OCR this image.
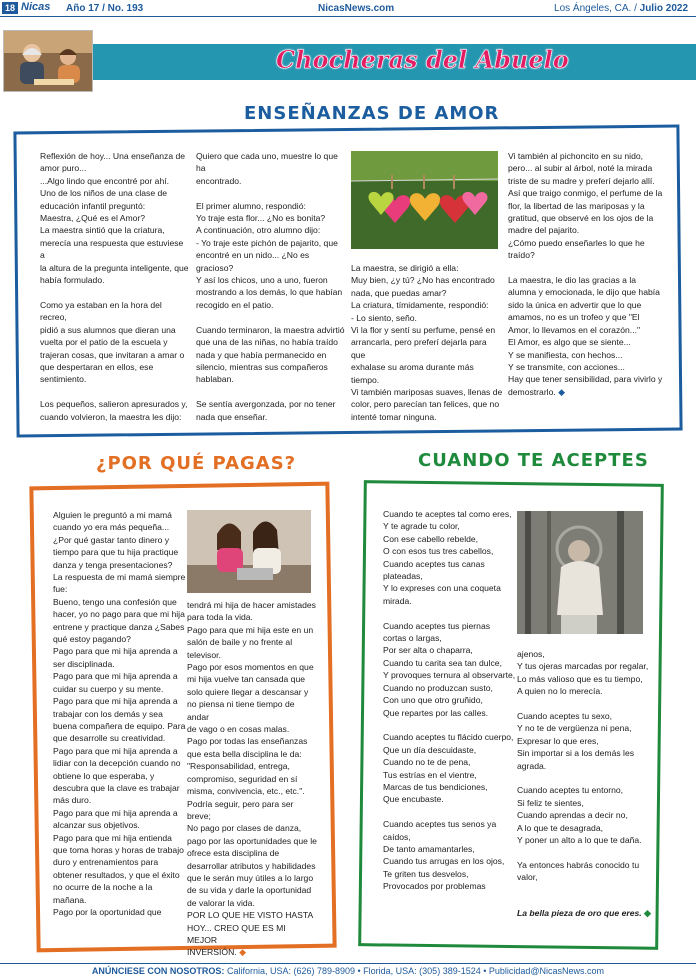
18 Nicas Año 17 / No. 193	NicasNews.com	Los Ángeles, CA. / Julio 2022
Chocheras del Abuelo
ENSEÑANZAS DE AMOR
Reflexión de hoy... Una enseñanza de
amor puro...
...Algo lindo que encontré por ahí.
Uno de los niños de una clase de
educación infantil preguntó:
Maestra, ¿Qué es el Amor?
La maestra sintió que la criatura,
merecía una respuesta que estuviese a
la altura de la pregunta inteligente, que
había formulado.

Como ya estaban en la hora del recreo,
pidió a sus alumnos que dieran una
vuelta por el patio de la escuela y
trajeran cosas, que invitaran a amar o
que despertaran en ellos, ese
sentimiento.

Los pequeños, salieron apresurados y,
cuando volvieron, la maestra les dijo:
Quiero que cada uno, muestre lo que ha
encontrado.

El primer alumno, respondió:
Yo traje esta flor... ¿No es bonita?
A continuación, otro alumno dijo:
- Yo traje este pichón de pajarito, que
encontré en un nido... ¿No es gracioso?
Y así los chicos, uno a uno, fueron
mostrando a los demás, lo que habían
recogido en el patio.

Cuando terminaron, la maestra advirtió
que una de las niñas, no había traído
nada y que había permanecido en
silencio, mientras sus compañeros
hablaban.

Se sentía avergonzada, por no tener
nada que enseñar.
La maestra, se dirigió a ella:
Muy bien, ¿y tú? ¿No has encontrado
nada, que puedas amar?
La criatura, tímidamente, respondió:
- Lo siento, seño.
Vi la flor y sentí su perfume, pensé en
arrancarla, pero preferí dejarla para que
exhalase su aroma durante más tiempo.
Vi también mariposas suaves, llenas de
color, pero parecían tan felices, que no
intenté tomar ninguna.
Vi también al pichoncito en su nido,
pero... al subir al árbol, noté la mirada
triste de su madre y preferí dejarlo allí.
Así que traigo conmigo, el perfume de la
flor, la libertad de las mariposas y la
gratitud, que observé en los ojos de la
madre del pajarito.
¿Cómo puedo enseñarles lo que he
traído?

La maestra, le dio las gracias a la
alumna y emocionada, le dijo que había
sido la única en advertir que lo que
amamos, no es un trofeo y que "El
Amor, lo llevamos en el corazón..."
El Amor, es algo que se siente...
Y se manifiesta, con hechos...
Y se transmite, con acciones...
Hay que tener sensibilidad, para vivirlo y
demostrarlo. ◆
¿POR QUÉ PAGAS?
Alguien le preguntó a mi mamá
cuando yo era más pequeña...
¿Por qué gastar tanto dinero y
tiempo para que tu hija practique
danza y tenga presentaciones?
La respuesta de mi mamá siempre
fue:
Bueno, tengo una confesión que
hacer, yo no pago para que mi hija
entrene y practique danza ¿Sabes
qué estoy pagando?
Pago para que mi hija aprenda a
ser disciplinada.
Pago para que mi hija aprenda a
cuidar su cuerpo y su mente.
Pago para que mi hija aprenda a
trabajar con los demás y sea
buena compañera de equipo. Para
que desarrolle su creatividad.
Pago para que mi hija aprenda a
lidiar con la decepción cuando no
obtiene lo que esperaba, y
descubra que la clave es trabajar
más duro.
Pago para que mi hija aprenda a
alcanzar sus objetivos.
Pago para que mi hija entienda
que toma horas y horas de trabajo
duro y entrenamientos para
obtener resultados, y que el éxito
no ocurre de la noche a la
mañana.
Pago por la oportunidad que
tendrá mi hija de hacer amistades
para toda la vida.
Pago para que mi hija este en un
salón de baile y no frente al
televisor.
Pago por esos momentos en que
mi hija vuelve tan cansada que
solo quiere llegar a descansar y
no piensa ni tiene tiempo de andar
de vago o en cosas malas.
Pago por todas las enseñanzas
que esta bella disciplina le da:
"Responsabilidad, entrega,
compromiso, seguridad en sí
misma, convivencia, etc., etc.".
Podría seguir, pero para ser breve;
No pago por clases de danza,
pago por las oportunidades que le
ofrece esta disciplina de
desarrollar atributos y habilidades
que le serán muy útiles a lo largo
de su vida y darle la oportunidad
de valorar la vida.
POR LO QUE HE VISTO HASTA
HOY... CREO QUE ES MI MEJOR
INVERSIÓN. ◆
CUANDO TE ACEPTES
Cuando te aceptes tal como eres,
Y te agrade tu color,
Con ese cabello rebelde,
O con esos tus tres cabellos,
Cuando aceptes tus canas
plateadas,
Y lo expreses con una coqueta
mirada.

Cuando aceptes tus piernas
cortas o largas,
Por ser alta o chaparra,
Cuando tu carita sea tan dulce,
Y provoques ternura al observarte,
Cuando no produzcan susto,
Con uno que otro gruñido,
Que repartes por las calles.

Cuando aceptes tu flácido cuerpo,
Que un día descuidaste,
Cuando no te de pena,
Tus estrías en el vientre,
Marcas de tus bendiciones,
Que encubaste.

Cuando aceptes tus senos ya
caídos,
De tanto amamantarles,
Cuando tus arrugas en los ojos,
Te griten tus desvelos,
Provocados por problemas
ajenos,
Y tus ojeras marcadas por regalar,
Lo más valioso que es tu tiempo,
A quien no lo merecía.

Cuando aceptes tu sexo,
Y no te de vergüenza ni pena,
Expresar lo que eres,
Sin importar si a los demás les
agrada.

Cuando aceptes tu entorno,
Si feliz te sientes,
Cuando aprendas a decir no,
A lo que te desagrada,
Y poner un alto a lo que te daña.

Ya entonces habrás conocido tu
valor,
La bella pieza de oro que eres. ◆
ANÚNCIESE CON NOSOTROS: California, USA: (626) 789-8909 • Florida, USA: (305) 389-1524 • Publicidad@NicasNews.com
